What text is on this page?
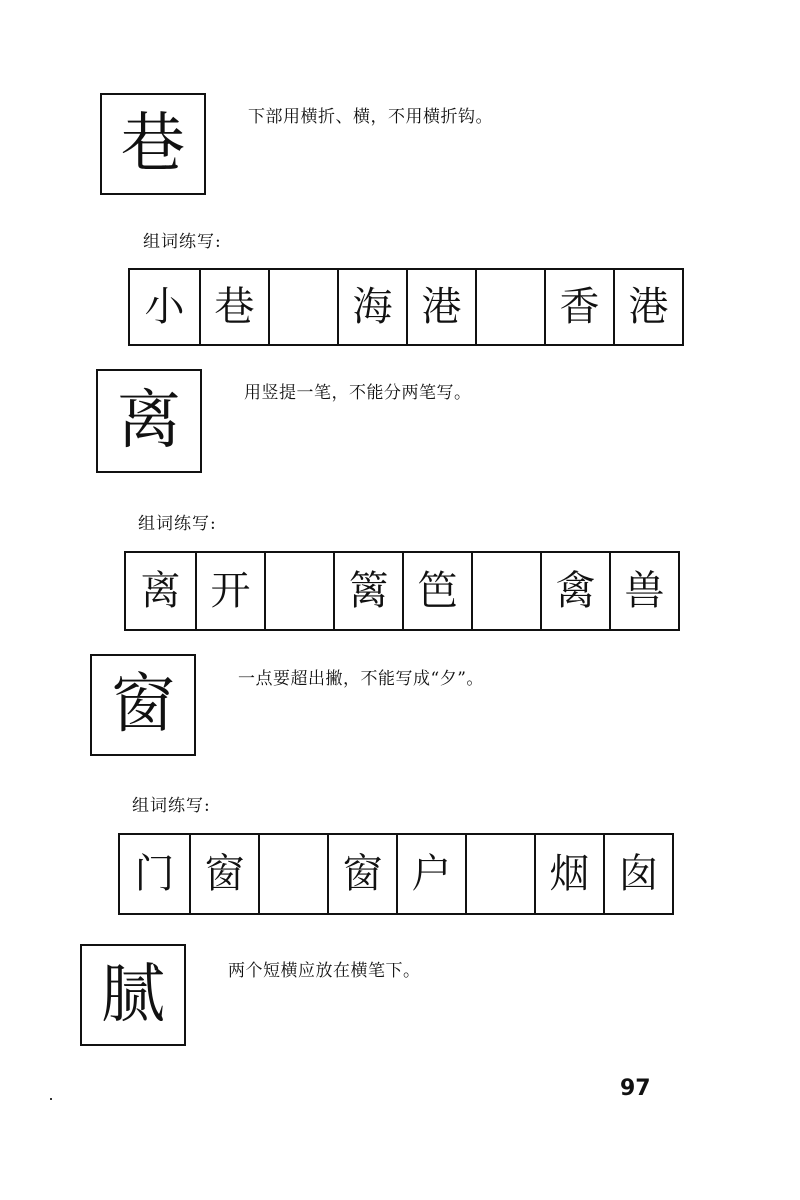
巷	下部用横折、横，不用横折钩。
组词练写:
小 巷	海 港	香 港
离	用竖提一笔，不能分两笔写。
组词练写:
离 开	篱 笆	禽 兽
窗	一点要超出撇，不能写成“夕”。
组词练写:
门 窗	窗 户	烟 囱
腻	两个短横应放在横笔下。
97
